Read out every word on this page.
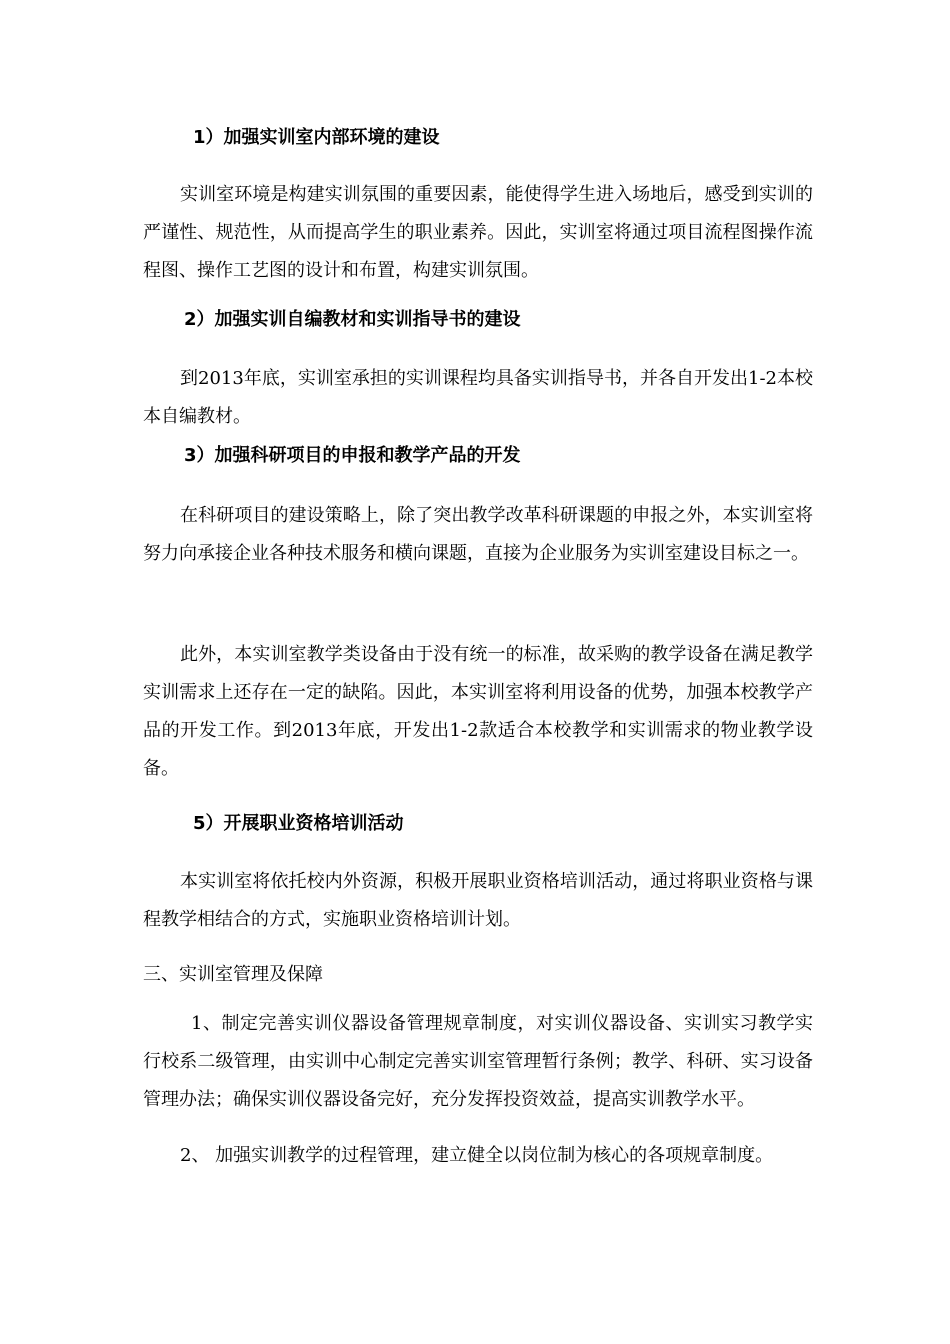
1）加强实训室内部环境的建设

实训室环境是构建实训氛围的重要因素，能使得学生进入场地后，感受到实训的严谨性、规范性，从而提高学生的职业素养。因此，实训室将通过项目流程图操作流程图、操作工艺图的设计和布置，构建实训氛围。

2）加强实训自编教材和实训指导书的建设

到2013年底，实训室承担的实训课程均具备实训指导书，并各自开发出1-2本校本自编教材。

3）加强科研项目的申报和教学产品的开发

在科研项目的建设策略上，除了突出教学改革科研课题的申报之外，本实训室将努力向承接企业各种技术服务和横向课题，直接为企业服务为实训室建设目标之一。

此外，本实训室教学类设备由于没有统一的标准，故采购的教学设备在满足教学实训需求上还存在一定的缺陷。因此，本实训室将利用设备的优势，加强本校教学产品的开发工作。到2013年底，开发出1-2款适合本校教学和实训需求的物业教学设备。

5）开展职业资格培训活动

本实训室将依托校内外资源，积极开展职业资格培训活动，通过将职业资格与课程教学相结合的方式，实施职业资格培训计划。

三、实训室管理及保障

1、制定完善实训仪器设备管理规章制度，对实训仪器设备、实训实习教学实行校系二级管理，由实训中心制定完善实训室管理暂行条例；教学、科研、实习设备管理办法；确保实训仪器设备完好，充分发挥投资效益，提高实训教学水平。

2、 加强实训教学的过程管理，建立健全以岗位制为核心的各项规章制度。
